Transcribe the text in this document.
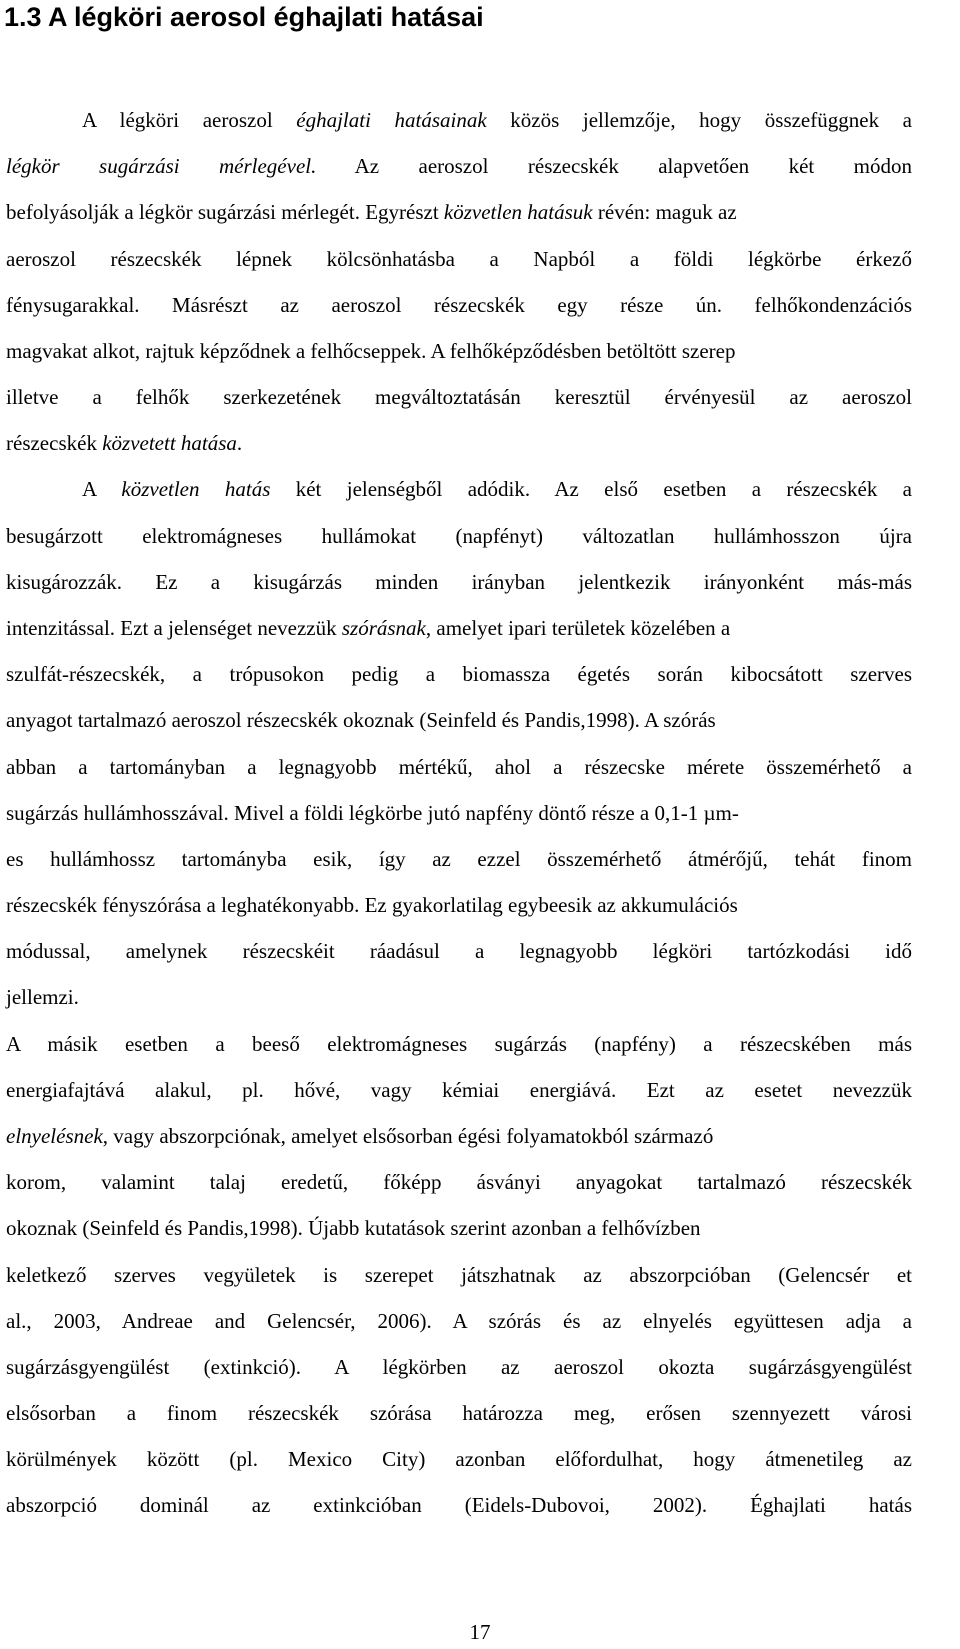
1.3 A légköri aerosol éghajlati hatásai
A légköri aeroszol éghajlati hatásainak közös jellemzője, hogy összefüggnek a
légkör sugárzási mérlegével. Az aeroszol részecskék alapvetően két módon
befolyásolják a légkör sugárzási mérlegét. Egyrészt közvetlen hatásuk révén: maguk az
aeroszol részecskék lépnek kölcsönhatásba a Napból a földi légkörbe érkező
fénysugarakkal. Másrészt az aeroszol részecskék egy része ún. felhőkondenzációs
magvakat alkot, rajtuk képződnek a felhőcseppek. A felhőképződésben betöltött szerep
illetve a felhők szerkezetének megváltoztatásán keresztül érvényesül az aeroszol
részecskék közvetett hatása.
A közvetlen hatás két jelenségből adódik. Az első esetben a részecskék a
besugárzott elektromágneses hullámokat (napfényt) változatlan hullámhosszon újra
kisugározzák. Ez a kisugárzás minden irányban jelentkezik irányonként más-más
intenzitással. Ezt a jelenséget nevezzük szórásnak, amelyet ipari területek közelében a
szulfát-részecskék, a trópusokon pedig a biomassza égetés során kibocsátott szerves
anyagot tartalmazó aeroszol részecskék okoznak (Seinfeld és Pandis,1998). A szórás
abban a tartományban a legnagyobb mértékű, ahol a részecske mérete összemérhető a
sugárzás hullámhosszával. Mivel a földi légkörbe jutó napfény döntő része a 0,1-1 µm-
es hullámhossz tartományba esik, így az ezzel összemérhető átmérőjű, tehát finom
részecskék fényszórása a leghatékonyabb. Ez gyakorlatilag egybeesik az akkumulációs
módussal, amelynek részecskéit ráadásul a legnagyobb légköri tartózkodási idő
jellemzi.
A másik esetben a beeső elektromágneses sugárzás (napfény) a részecskében más
energiafajtává alakul, pl. hővé, vagy kémiai energiává. Ezt az esetet nevezzük
elnyelésnek, vagy abszorpciónak, amelyet elsősorban égési folyamatokból származó
korom, valamint talaj eredetű, főképp ásványi anyagokat tartalmazó részecskék
okoznak (Seinfeld és Pandis,1998). Újabb kutatások szerint azonban a felhővízben
keletkező szerves vegyületek is szerepet játszhatnak az abszorpcióban (Gelencsér et
al., 2003, Andreae and Gelencsér, 2006). A szórás és az elnyelés együttesen adja a
sugárzásgyengülést (extinkció). A légkörben az aeroszol okozta sugárzásgyengülést
elsősorban a finom részecskék szórása határozza meg, erősen szennyezett városi
körülmények között (pl. Mexico City) azonban előfordulhat, hogy átmenetileg az
abszorpció dominál az extinkcióban (Eidels-Dubovoi, 2002). Éghajlati hatás
17
